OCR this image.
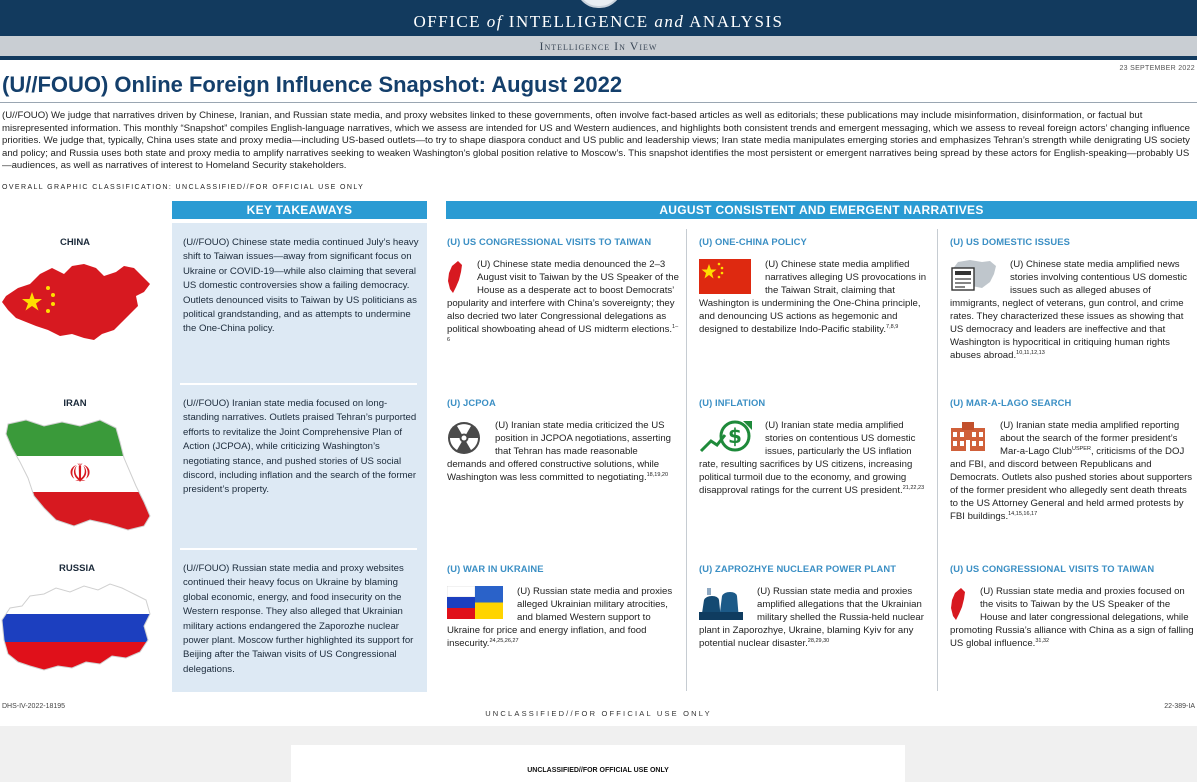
OFFICE of INTELLIGENCE and ANALYSIS
Intelligence In View
23 SEPTEMBER 2022
(U//FOUO) Online Foreign Influence Snapshot: August 2022
(U//FOUO) We judge that narratives driven by Chinese, Iranian, and Russian state media, and proxy websites linked to these governments, often involve fact-based articles as well as editorials; these publications may include misinformation, disinformation, or factual but misrepresented information. This monthly “Snapshot” compiles English-language narratives, which we assess are intended for US and Western audiences, and highlights both consistent trends and emergent messaging, which we assess to reveal foreign actors’ changing influence priorities. We judge that, typically, China uses state and proxy media—including US-based outlets—to try to shape diaspora conduct and US public and leadership views; Iran state media manipulates emerging stories and emphasizes Tehran’s strength while denigrating US society and policy; and Russia uses both state and proxy media to amplify narratives seeking to weaken Washington’s global position relative to Moscow’s. This snapshot identifies the most persistent or emergent narratives being spread by these actors for English-speaking—probably US—audiences, as well as narratives of interest to Homeland Security stakeholders.
OVERALL GRAPHIC CLASSIFICATION: UNCLASSIFIED//FOR OFFICIAL USE ONLY
KEY TAKEAWAYS	AUGUST CONSISTENT AND EMERGENT NARRATIVES
CHINA
IRAN
☫
RUSSIA
(U//FOUO) Chinese state media continued July’s heavy shift to Taiwan issues—away from significant focus on Ukraine or COVID-19—while also claiming that several US domestic controversies show a failing democracy. Outlets denounced visits to Taiwan by US politicians as political grandstanding, and as attempts to undermine the One-China policy.
(U//FOUO) Iranian state media focused on long-standing narratives. Outlets praised Tehran’s purported efforts to revitalize the Joint Comprehensive Plan of Action (JCPOA), while criticizing Washington’s negotiating stance, and pushed stories of US social discord, including inflation and the search of the former president’s property.
(U//FOUO) Russian state media and proxy websites continued their heavy focus on Ukraine by blaming global economic, energy, and food insecurity on the Western response. They also alleged that Ukrainian military actions endangered the Zaporozhe nuclear power plant. Moscow further highlighted its support for Beijing after the Taiwan visits of US Congressional delegations.
(U) US CONGRESSIONAL VISITS TO TAIWAN
(U) Chinese state media denounced the 2–3 August visit to Taiwan by the US Speaker of the House as a desperate act to boost Democrats’ popularity and interfere with China’s sovereignty; they also decried two later Congressional delegations as political showboating ahead of US midterm elections.$^{1-6}$
(U) ONE-CHINA POLICY
(U) Chinese state media amplified narratives alleging US provocations in the Taiwan Strait, claiming that Washington is undermining the One-China principle, and denouncing US actions as hegemonic and designed to destabilize Indo-Pacific stability.$^{7,8,9}$
(U) US DOMESTIC ISSUES
(U) Chinese state media amplified news stories involving contentious US domestic issues such as alleged abuses of immigrants, neglect of veterans, gun control, and crime rates. They characterized these issues as showing that US democracy and leaders are ineffective and that Washington is hypocritical in critiquing human rights abuses abroad.$^{10,11,12,13}$
(U) JCPOA
(U) Iranian state media criticized the US position in JCPOA negotiations, asserting that Tehran has made reasonable demands and offered constructive solutions, while Washington was less committed to negotiating.$^{18,19,20}$
(U) INFLATION
$ (U) Iranian state media amplified stories on contentious US domestic issues, particularly the US inflation rate, resulting sacrifices by US citizens, increasing political turmoil due to the economy, and growing disapproval ratings for the current US president.$^{21,22,23}$
(U) MAR-A-LAGO SEARCH
(U) Iranian state media amplified reporting about the search of the former president’s Mar-a-Lago Club$^{USPER}$, criticisms of the DOJ and FBI, and discord between Republicans and Democrats. Outlets also pushed stories about supporters of the former president who allegedly sent death threats to the US Attorney General and held armed protests by FBI buildings.$^{14,15,16,17}$
(U) WAR IN UKRAINE
(U) Russian state media and proxies alleged Ukrainian military atrocities, and blamed Western support to Ukraine for price and energy inflation, and food insecurity.$^{24,25,26,27}$
(U) ZAPROZHYE NUCLEAR POWER PLANT
(U) Russian state media and proxies amplified allegations that the Ukrainian military shelled the Russia-held nuclear plant in Zaporozhye, Ukraine, blaming Kyiv for any potential nuclear disaster.$^{28,29,30}$
(U) US CONGRESSIONAL VISITS TO TAIWAN
(U) Russian state media and proxies focused on the visits to Taiwan by the US Speaker of the House and later congressional delegations, while promoting Russia’s alliance with China as a sign of falling US global influence.$^{31,32}$
DHS-IV-2022-18195	22-389-IA
UNCLASSIFIED//FOR OFFICIAL USE ONLY
UNCLASSIFIED//FOR OFFICIAL USE ONLY
